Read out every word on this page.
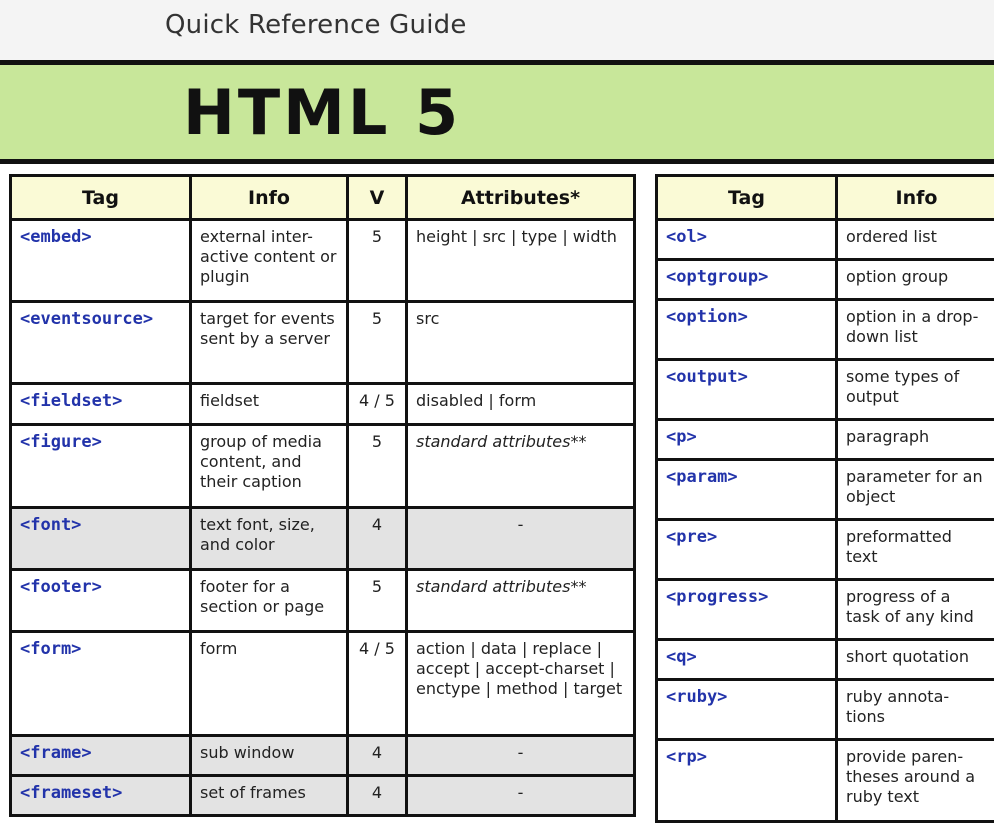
Quick Reference Guide
HTML 5
Tag	Info	V	Attributes*
<embed>	external inter-active content or plugin	5	height | src | type | width
<eventsource>	target for events sent by a server	5	src
<fieldset>	fieldset	4 / 5	disabled | form
<figure>	group of media content, and their caption	5	standard attributes**
<font>	text font, size, and color	4	-
<footer>	footer for a section or page	5	standard attributes**
<form>	form	4 / 5	action | data | replace | accept | accept-charset | enctype | method | target
<frame>	sub window	4	-
<frameset>	set of frames	4	-
Tag	Info
<ol>	ordered list
<optgroup>	option group
<option>	option in a drop-down list
<output>	some types of output
<p>	paragraph
<param>	parameter for an object
<pre>	preformatted text
<progress>	progress of a task of any kind
<q>	short quotation
<ruby>	ruby annota-tions
<rp>	provide paren-theses around a ruby text
